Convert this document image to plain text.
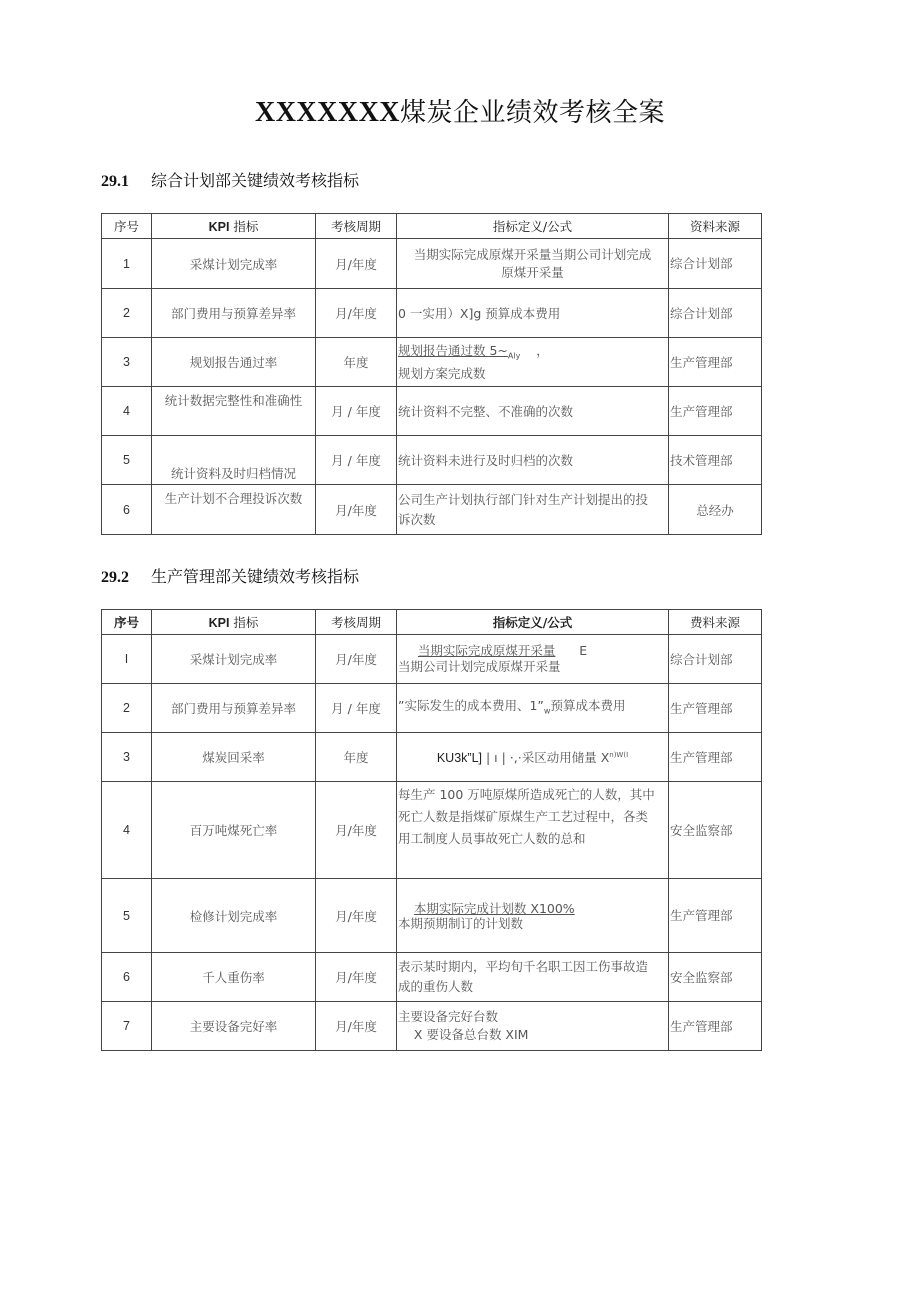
XXXXXXX煤炭企业绩效考核全案
29.1 综合计划部关键绩效考核指标
序号	KPI 指标	考核周期	指标定义/公式	资料来源
1	采煤计划完成率	月/年度	当期实际完成原煤开采量当期公司计划完成
原煤开采量	综合计划部
2	部门费用与预算差异率	月/年度	0 一实用）X]g 预算成本费用	综合计划部
3	规划报告通过率	年度	规划报告通过数 $5\sim_{Aly}$ ，
规划方案完成数	生产管理部
4	统计数据完整性和准确性	月 / 年度	统计资料不完整、不准确的次数	生产管理部
5	统计资料及时归档情况	月 / 年度	统计资料未进行及时归档的次数	技术管理部
6	生产计划不合理投诉次数	月/年度	公司生产计划执行部门针对生产计划提出的投
诉次数	总经办
29.2 生产管理部关键绩效考核指标
序号	KPI 指标	考核周期	指标定义/公式	费料来源
I	采煤计划完成率	月/年度	当期实际完成原煤开采量 E
当期公司计划完成原煤开采量	综合计划部
2	部门费用与预算差异率	月 / 年度	”实际发生的成本费用、$1”_w$预算成本费用	生产管理部
3	煤炭回采率	年度	KU3k”L] | ı | ·,·采区动用储量 $X^{n)W(I}$	生产管理部
4	百万吨煤死亡率	月/年度	每生产 100 万吨原煤所造成死亡的人数，其中
死亡人数是指煤矿原煤生产工艺过程中，各类
用工制度人员事故死亡人数的总和	安全监察部
5	检修计划完成率	月/年度	本期实际完成计划数 X100%
本期预期制订的计划数	生产管理部
6	千人重伤率	月/年度	表示某时期内，平均旬千名职工因工伤事故造
成的重伤人数	安全监察部
7	主要设备完好率	月/年度	主要设备完好台数
X 要设备总台数 XIM	生产管理部
